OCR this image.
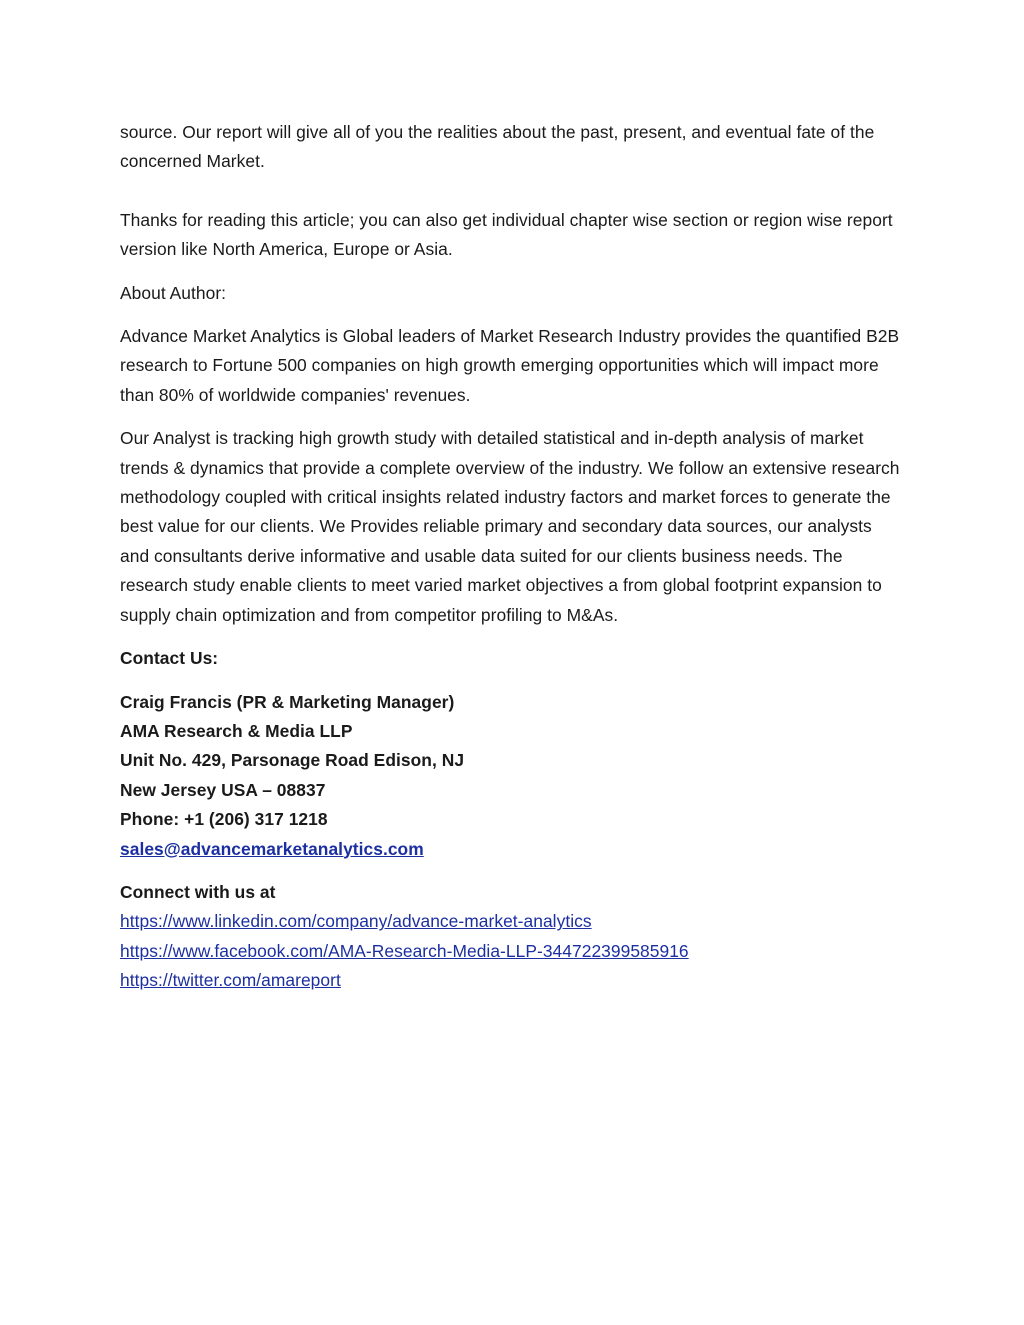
source. Our report will give all of you the realities about the past, present, and eventual fate of the concerned Market.

Thanks for reading this article; you can also get individual chapter wise section or region wise report version like North America, Europe or Asia.

About Author:

Advance Market Analytics is Global leaders of Market Research Industry provides the quantified B2B research to Fortune 500 companies on high growth emerging opportunities which will impact more than 80% of worldwide companies' revenues.

Our Analyst is tracking high growth study with detailed statistical and in-depth analysis of market trends & dynamics that provide a complete overview of the industry. We follow an extensive research methodology coupled with critical insights related industry factors and market forces to generate the best value for our clients. We Provides reliable primary and secondary data sources, our analysts and consultants derive informative and usable data suited for our clients business needs. The research study enable clients to meet varied market objectives a from global footprint expansion to supply chain optimization and from competitor profiling to M&As.

Contact Us:

Craig Francis (PR & Marketing Manager)

AMA Research & Media LLP

Unit No. 429, Parsonage Road Edison, NJ

New Jersey USA – 08837

Phone: +1 (206) 317 1218

sales@advancemarketanalytics.com

Connect with us at

https://www.linkedin.com/company/advance-market-analytics

https://www.facebook.com/AMA-Research-Media-LLP-344722399585916

https://twitter.com/amareport
